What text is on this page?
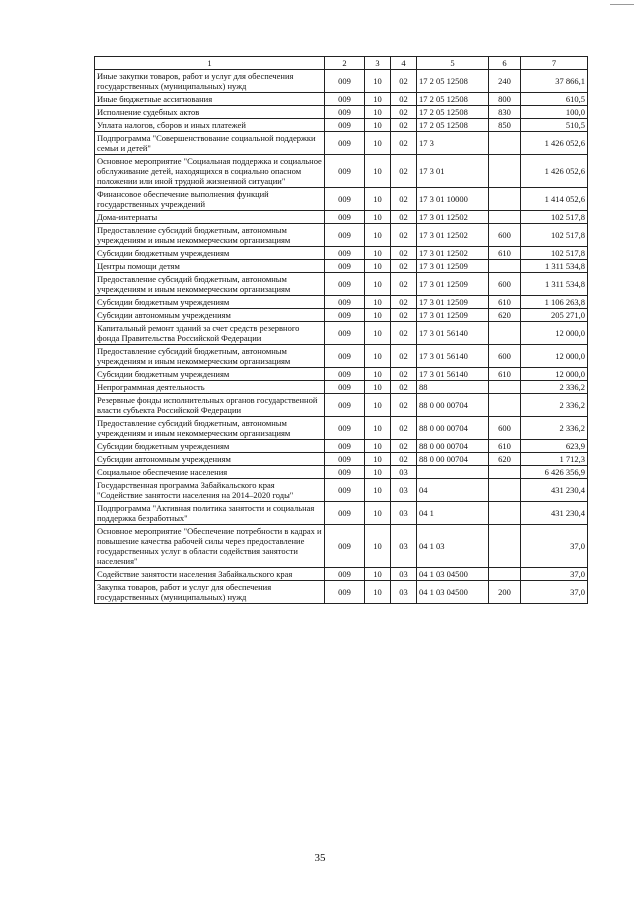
1	2	3	4	5	6	7
Иные закупки товаров, работ и услуг для обеспечения государственных (муниципальных) нужд	009	10	02	17 2 05 12508	240	37 866,1
Иные бюджетные ассигнования	009	10	02	17 2 05 12508	800	610,5
Исполнение судебных актов	009	10	02	17 2 05 12508	830	100,0
Уплата налогов, сборов и иных платежей	009	10	02	17 2 05 12508	850	510,5
Подпрограмма "Совершенствование социальной поддержки семьи и детей"	009	10	02	17 3		1 426 052,6
Основное мероприятие "Социальная поддержка и социальное обслуживание детей, находящихся в социально опасном положении или иной трудной жизненной ситуации"	009	10	02	17 3 01		1 426 052,6
Финансовое обеспечение выполнения функций государственных учреждений	009	10	02	17 3 01 10000		1 414 052,6
Дома-интернаты	009	10	02	17 3 01 12502		102 517,8
Предоставление субсидий бюджетным, автономным учреждениям и иным некоммерческим организациям	009	10	02	17 3 01 12502	600	102 517,8
Субсидии бюджетным учреждениям	009	10	02	17 3 01 12502	610	102 517,8
Центры помощи детям	009	10	02	17 3 01 12509		1 311 534,8
Предоставление субсидий бюджетным, автономным учреждениям и иным некоммерческим организациям	009	10	02	17 3 01 12509	600	1 311 534,8
Субсидии бюджетным учреждениям	009	10	02	17 3 01 12509	610	1 106 263,8
Субсидии автономным учреждениям	009	10	02	17 3 01 12509	620	205 271,0
Капитальный ремонт зданий за счет средств резервного фонда Правительства Российской Федерации	009	10	02	17 3 01 56140		12 000,0
Предоставление субсидий бюджетным, автономным учреждениям и иным некоммерческим организациям	009	10	02	17 3 01 56140	600	12 000,0
Субсидии бюджетным учреждениям	009	10	02	17 3 01 56140	610	12 000,0
Непрограммная деятельность	009	10	02	88		2 336,2
Резервные фонды исполнительных органов государственной власти субъекта Российской Федерации	009	10	02	88 0 00 00704		2 336,2
Предоставление субсидий бюджетным, автономным учреждениям и иным некоммерческим организациям	009	10	02	88 0 00 00704	600	2 336,2
Субсидии бюджетным учреждениям	009	10	02	88 0 00 00704	610	623,9
Субсидии автономным учреждениям	009	10	02	88 0 00 00704	620	1 712,3
Социальное обеспечение населения	009	10	03			6 426 356,9
Государственная программа Забайкальского края "Содействие занятости населения на 2014–2020 годы"	009	10	03	04		431 230,4
Подпрограмма "Активная политика занятости и социальная поддержка безработных"	009	10	03	04 1		431 230,4
Основное мероприятие "Обеспечение потребности в кадрах и повышение качества рабочей силы через предоставление государственных услуг в области содействия занятости населения"	009	10	03	04 1 03		37,0
Содействие занятости населения Забайкальского края	009	10	03	04 1 03 04500		37,0
Закупка товаров, работ и услуг для обеспечения государственных (муниципальных) нужд	009	10	03	04 1 03 04500	200	37,0
35
